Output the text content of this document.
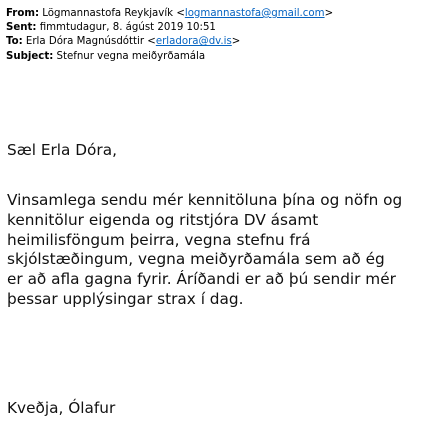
From: Lögmannastofa Reykjavík <logmannastofa@gmail.com>
Sent: fimmtudagur, 8. ágúst 2019 10:51
To: Erla Dóra Magnúsdóttir <erladora@dv.is>
Subject: Stefnur vegna meiðyrðamála
Sæl Erla Dóra,
Vinsamlega sendu mér kennitöluna þína og nöfn og
kennitölur eigenda og ritstjóra DV ásamt
heimilisföngum þeirra, vegna stefnu frá
skjólstæðingum, vegna meiðyrðamála sem að ég
er að afla gagna fyrir. Áríðandi er að þú sendir mér
þessar upplýsingar strax í dag.
Kveðja, Ólafur
